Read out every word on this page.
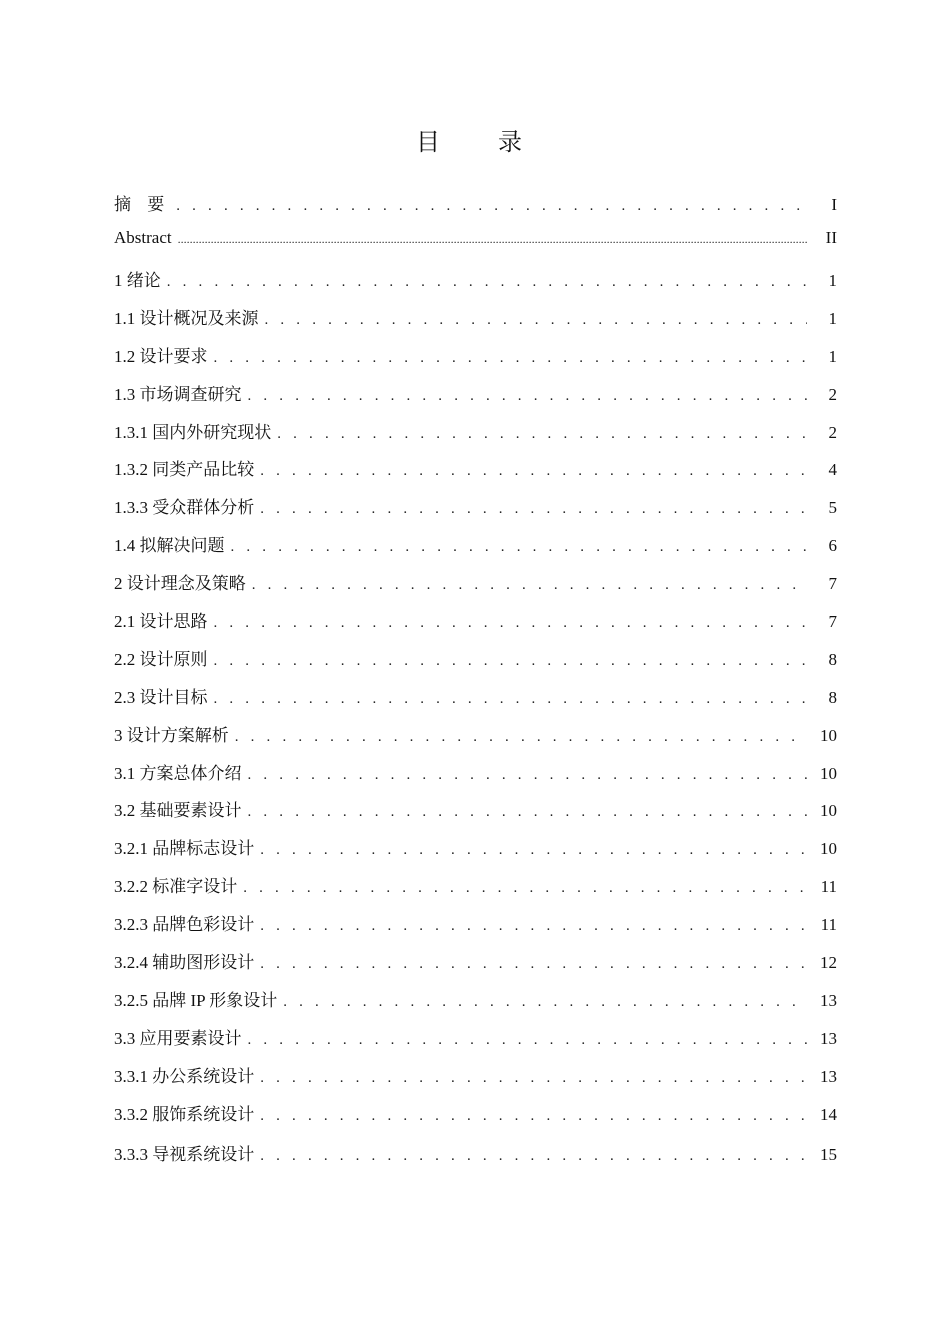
目 录
摘 要 . . .	I
Abstract .....	II
1 绪论 . . .	1
1.1 设计概况及来源 . . .	1
1.2 设计要求 . . .	1
1.3 市场调查研究 . . .	2
1.3.1 国内外研究现状 . . .	2
1.3.2 同类产品比较 . . .	4
1.3.3 受众群体分析 . . .	5
1.4 拟解决问题 . . .	6
2 设计理念及策略 . . .	7
2.1 设计思路 . . .	7
2.2 设计原则 . . .	8
2.3 设计目标 . . .	8
3 设计方案解析 . . .	10
3.1 方案总体介绍 . . .	10
3.2 基础要素设计 . . .	10
3.2.1 品牌标志设计 . . .	10
3.2.2 标准字设计 . . .	11
3.2.3 品牌色彩设计 . . .	11
3.2.4 辅助图形设计 . . .	12
3.2.5 品牌 IP 形象设计 . . .	13
3.3 应用要素设计 . . .	13
3.3.1 办公系统设计 . . .	13
3.3.2 服饰系统设计 . . .	14
3.3.3 导视系统设计 . . .	15
